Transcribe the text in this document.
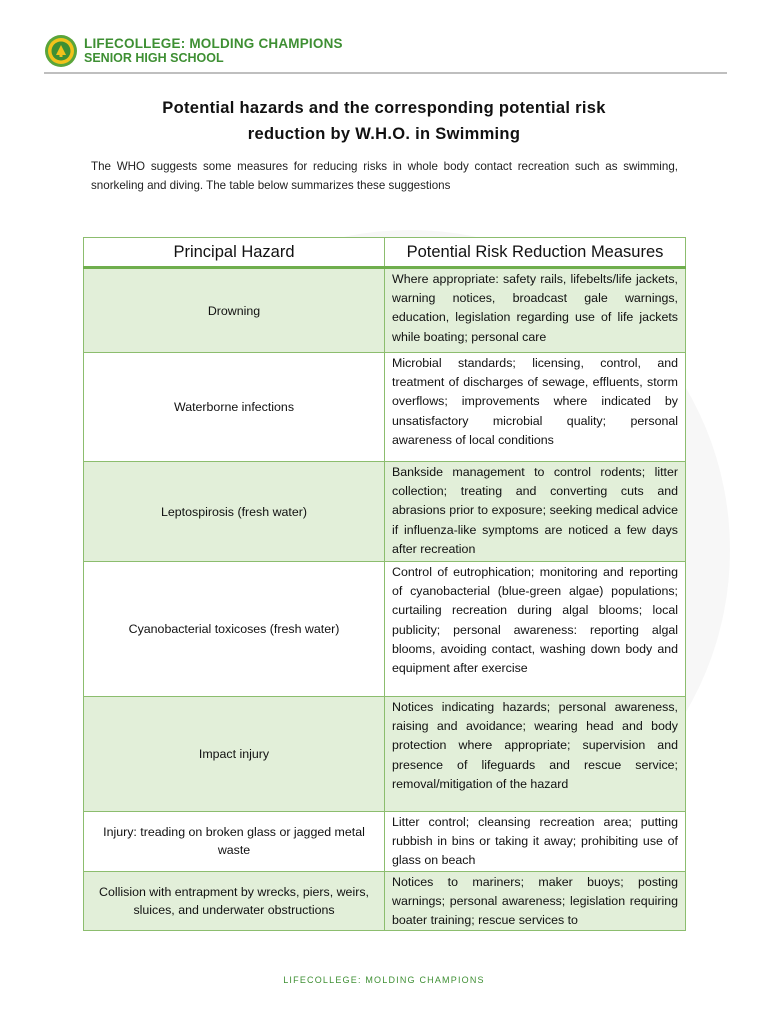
LIFECOLLEGE: MOLDING CHAMPIONS
SENIOR HIGH SCHOOL
Potential hazards and the corresponding potential risk
reduction by W.H.O. in Swimming
The WHO suggests some measures for reducing risks in whole body contact recreation such as swimming, snorkeling and diving. The table below summarizes these suggestions
Principal Hazard	Potential Risk Reduction Measures
Drowning	Where appropriate: safety rails, lifebelts/life jackets, warning notices, broadcast gale warnings, education, legislation regarding use of life jackets while boating; personal care
Waterborne infections	Microbial standards; licensing, control, and treatment of discharges of sewage, effluents, storm overflows; improvements where indicated by unsatisfactory microbial quality; personal awareness of local conditions
Leptospirosis (fresh water)	Bankside management to control rodents; litter collection; treating and converting cuts and abrasions prior to exposure; seeking medical advice if influenza-like symptoms are noticed a few days after recreation
Cyanobacterial toxicoses (fresh water)	Control of eutrophication; monitoring and reporting of cyanobacterial (blue-green algae) populations; curtailing recreation during algal blooms; local publicity; personal awareness: reporting algal blooms, avoiding contact, washing down body and equipment after exercise
Impact injury	Notices indicating hazards; personal awareness, raising and avoidance; wearing head and body protection where appropriate; supervision and presence of lifeguards and rescue service; removal/mitigation of the hazard
Injury: treading on broken glass or jagged metal waste	Litter control; cleansing recreation area; putting rubbish in bins or taking it away; prohibiting use of glass on beach
Collision with entrapment by wrecks, piers, weirs, sluices, and underwater obstructions	Notices to mariners; maker buoys; posting warnings; personal awareness; legislation requiring boater training; rescue services to
LIFECOLLEGE: MOLDING CHAMPIONS
